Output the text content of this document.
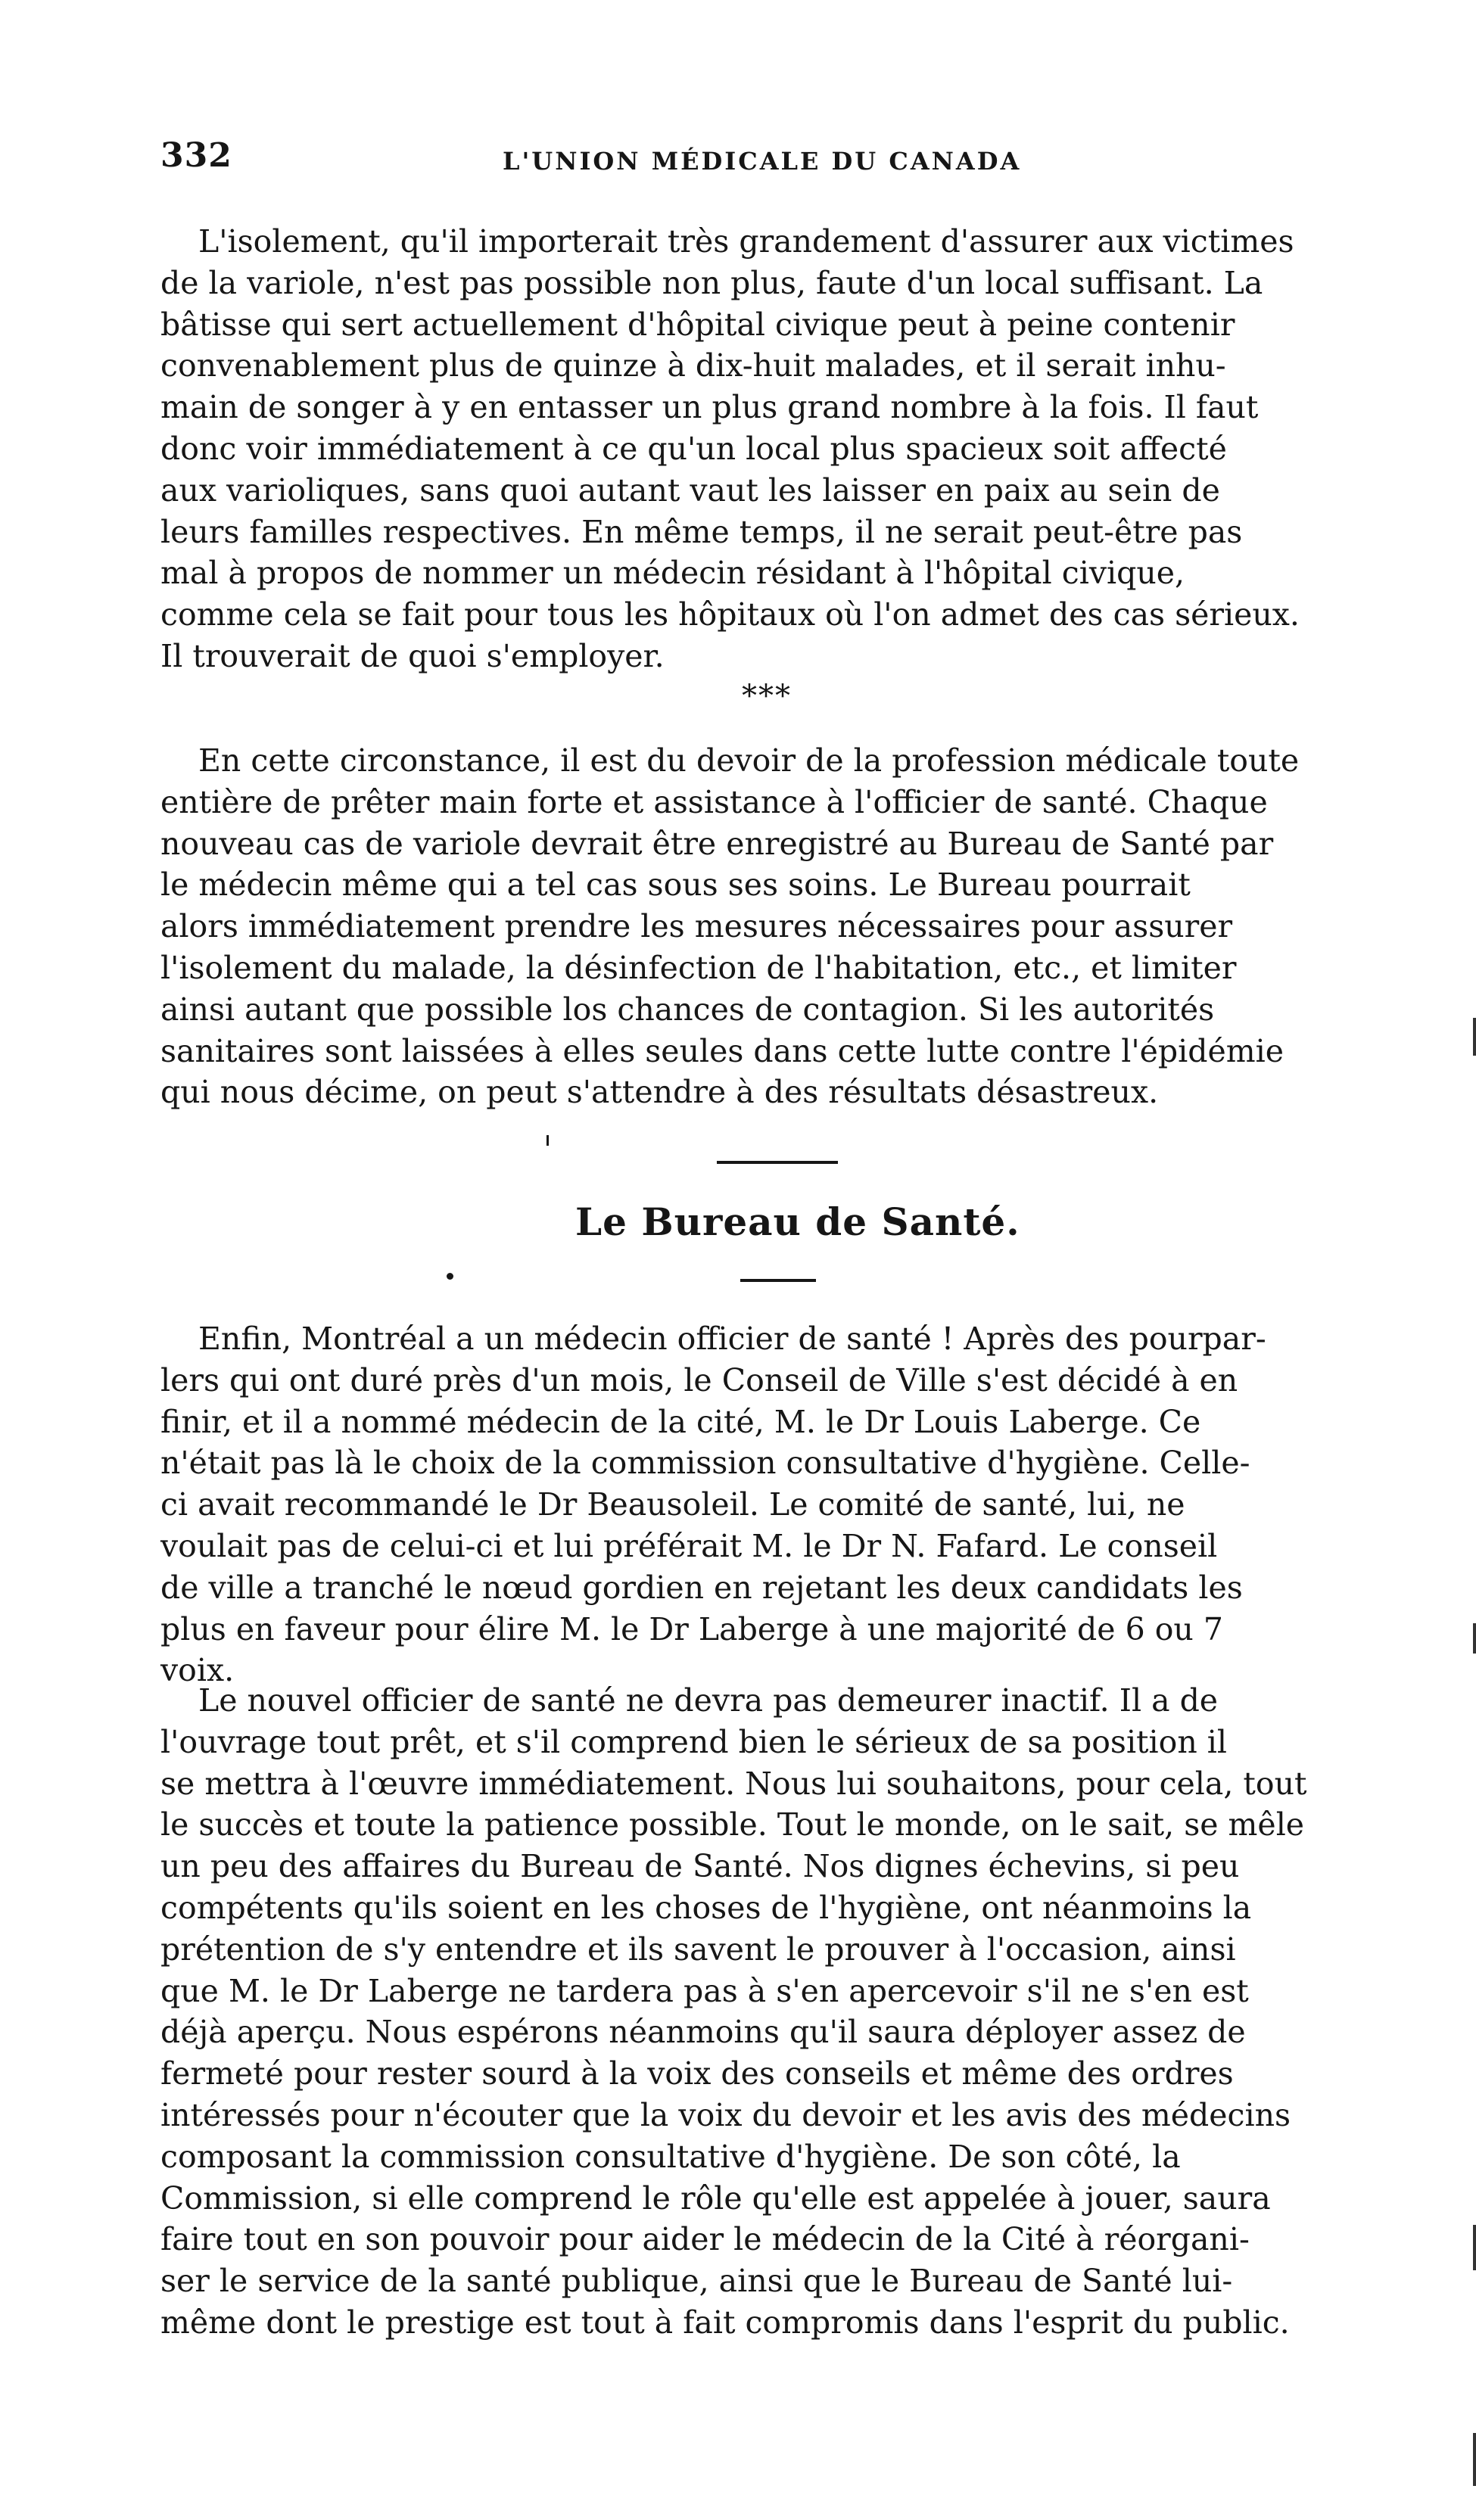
332	L'UNION MÉDICALE DU CANADA
L'isolement, qu'il importerait très grandement d'assurer aux victimes
de la variole, n'est pas possible non plus, faute d'un local suffisant. La
bâtisse qui sert actuellement d'hôpital civique peut à peine contenir
convenablement plus de quinze à dix-huit malades, et il serait inhu-
main de songer à y en entasser un plus grand nombre à la fois. Il faut
donc voir immédiatement à ce qu'un local plus spacieux soit affecté
aux varioliques, sans quoi autant vaut les laisser en paix au sein de
leurs familles respectives. En même temps, il ne serait peut-être pas
mal à propos de nommer un médecin résidant à l'hôpital civique,
comme cela se fait pour tous les hôpitaux où l'on admet des cas sérieux.
Il trouverait de quoi s'employer.
***
En cette circonstance, il est du devoir de la profession médicale toute
entière de prêter main forte et assistance à l'officier de santé. Chaque
nouveau cas de variole devrait être enregistré au Bureau de Santé par
le médecin même qui a tel cas sous ses soins. Le Bureau pourrait
alors immédiatement prendre les mesures nécessaires pour assurer
l'isolement du malade, la désinfection de l'habitation, etc., et limiter
ainsi autant que possible los chances de contagion. Si les autorités
sanitaires sont laissées à elles seules dans cette lutte contre l'épidémie
qui nous décime, on peut s'attendre à des résultats désastreux.
Le Bureau de Santé.
Enfin, Montréal a un médecin officier de santé ! Après des pourpar-
lers qui ont duré près d'un mois, le Conseil de Ville s'est décidé à en
finir, et il a nommé médecin de la cité, M. le Dr Louis Laberge. Ce
n'était pas là le choix de la commission consultative d'hygiène. Celle-
ci avait recommandé le Dr Beausoleil. Le comité de santé, lui, ne
voulait pas de celui-ci et lui préférait M. le Dr N. Fafard. Le conseil
de ville a tranché le nœud gordien en rejetant les deux candidats les
plus en faveur pour élire M. le Dr Laberge à une majorité de 6 ou 7
voix.
Le nouvel officier de santé ne devra pas demeurer inactif. Il a de
l'ouvrage tout prêt, et s'il comprend bien le sérieux de sa position il
se mettra à l'œuvre immédiatement. Nous lui souhaitons, pour cela, tout
le succès et toute la patience possible. Tout le monde, on le sait, se mêle
un peu des affaires du Bureau de Santé. Nos dignes échevins, si peu
compétents qu'ils soient en les choses de l'hygiène, ont néanmoins la
prétention de s'y entendre et ils savent le prouver à l'occasion, ainsi
que M. le Dr Laberge ne tardera pas à s'en apercevoir s'il ne s'en est
déjà aperçu. Nous espérons néanmoins qu'il saura déployer assez de
fermeté pour rester sourd à la voix des conseils et même des ordres
intéressés pour n'écouter que la voix du devoir et les avis des médecins
composant la commission consultative d'hygiène. De son côté, la
Commission, si elle comprend le rôle qu'elle est appelée à jouer, saura
faire tout en son pouvoir pour aider le médecin de la Cité à réorgani-
ser le service de la santé publique, ainsi que le Bureau de Santé lui-
même dont le prestige est tout à fait compromis dans l'esprit du public.
